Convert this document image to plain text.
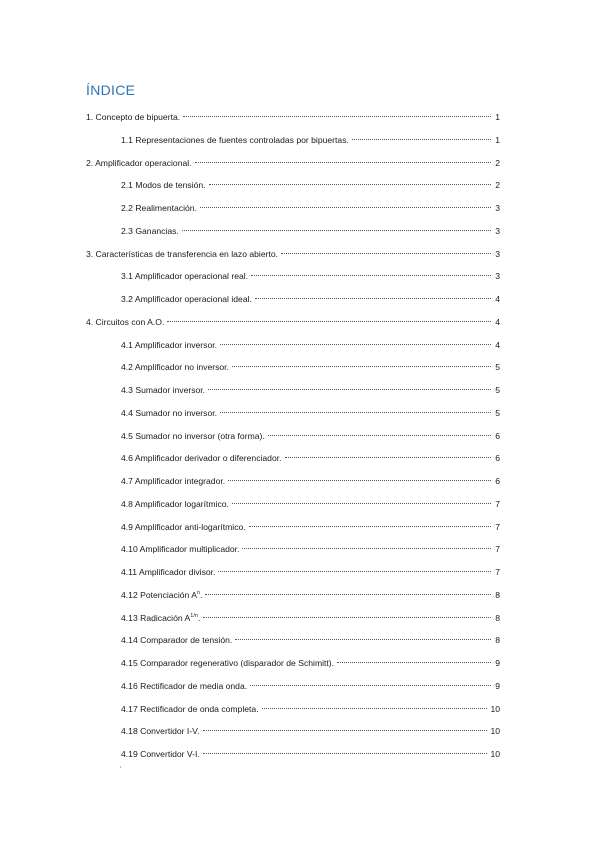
ÍNDICE
1. Concepto de bipuerta.	1
1.1 Representaciones de fuentes controladas por bipuertas.	1
2. Amplificador operacional.	2
2.1 Modos de tensión.	2
2.2 Realimentación.	3
2.3 Ganancias.	3
3. Características de transferencia en lazo abierto.	3
3.1 Amplificador operacional real.	3
3.2 Amplificador operacional ideal.	4
4. Circuitos con A.O.	4
4.1 Amplificador inversor.	4
4.2 Amplificador no inversor.	5
4.3 Sumador inversor.	5
4.4 Sumador no inversor.	5
4.5 Sumador no inversor (otra forma).	6
4.6 Amplificador derivador o diferenciador.	6
4.7 Amplificador integrador.	6
4.8 Amplificador logarítmico.	7
4.9 Amplificador anti-logarítmico.	7
4.10 Amplificador multiplicador.	7
4.11 Amplificador divisor.	7
4.12 Potenciación $A^n$.	8
4.13 Radicación $A^{1/n}$.	8
4.14 Comparador de tensión.	8
4.15 Comparador regenerativo (disparador de Schimitt).	9
4.16 Rectificador de media onda.	9
4.17 Rectificador de onda completa.	10
4.18 Convertidor I-V.	10
4.19 Convertidor V-I.	10
